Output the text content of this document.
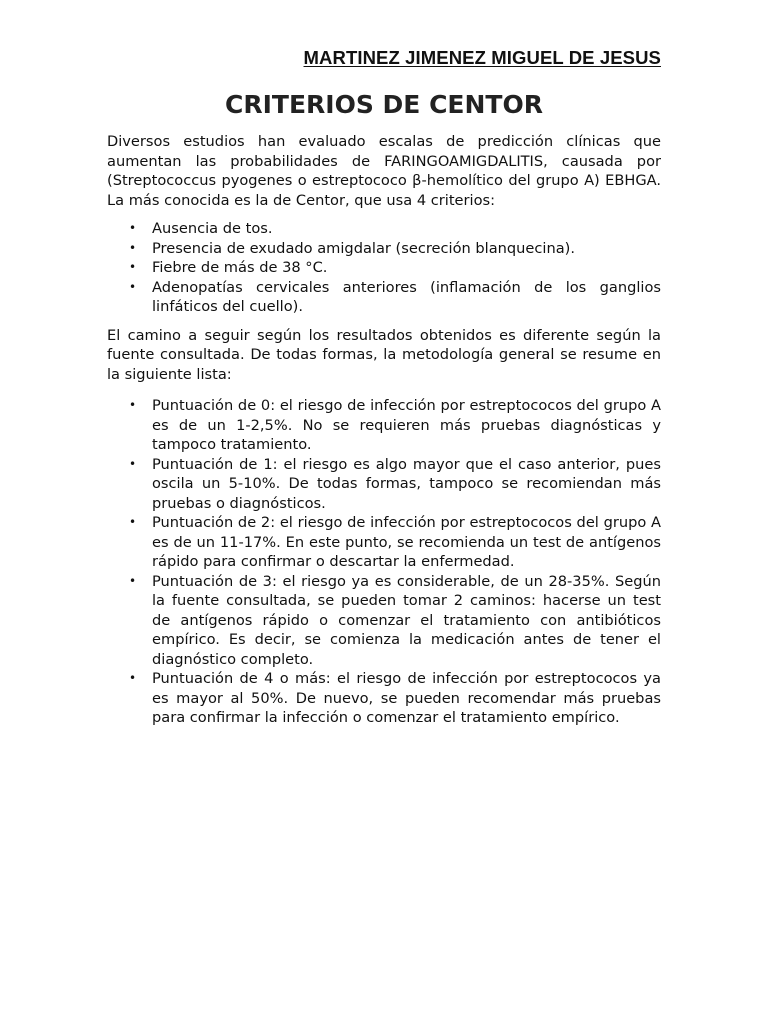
MARTINEZ JIMENEZ MIGUEL DE JESUS

CRITERIOS DE CENTOR

Diversos estudios han evaluado escalas de predicción clínicas que aumentan las probabilidades de FARINGOAMIGDALITIS, causada por (Streptococcus pyogenes o estreptococo β-hemolítico del grupo A) EBHGA. La más conocida es la de Centor, que usa 4 criterios:

• Ausencia de tos.
• Presencia de exudado amigdalar (secreción blanquecina).
• Fiebre de más de 38 °C.
• Adenopatías cervicales anteriores (inflamación de los ganglios linfáticos del cuello).

El camino a seguir según los resultados obtenidos es diferente según la fuente consultada. De todas formas, la metodología general se resume en la siguiente lista:

• Puntuación de 0: el riesgo de infección por estreptococos del grupo A es de un 1-2,5%. No se requieren más pruebas diagnósticas y tampoco tratamiento.
• Puntuación de 1: el riesgo es algo mayor que el caso anterior, pues oscila un 5-10%. De todas formas, tampoco se recomiendan más pruebas o diagnósticos.
• Puntuación de 2: el riesgo de infección por estreptococos del grupo A es de un 11-17%. En este punto, se recomienda un test de antígenos rápido para confirmar o descartar la enfermedad.
• Puntuación de 3: el riesgo ya es considerable, de un 28-35%. Según la fuente consultada, se pueden tomar 2 caminos: hacerse un test de antígenos rápido o comenzar el tratamiento con antibióticos empírico. Es decir, se comienza la medicación antes de tener el diagnóstico completo.
• Puntuación de 4 o más: el riesgo de infección por estreptococos ya es mayor al 50%. De nuevo, se pueden recomendar más pruebas para confirmar la infección o comenzar el tratamiento empírico.
